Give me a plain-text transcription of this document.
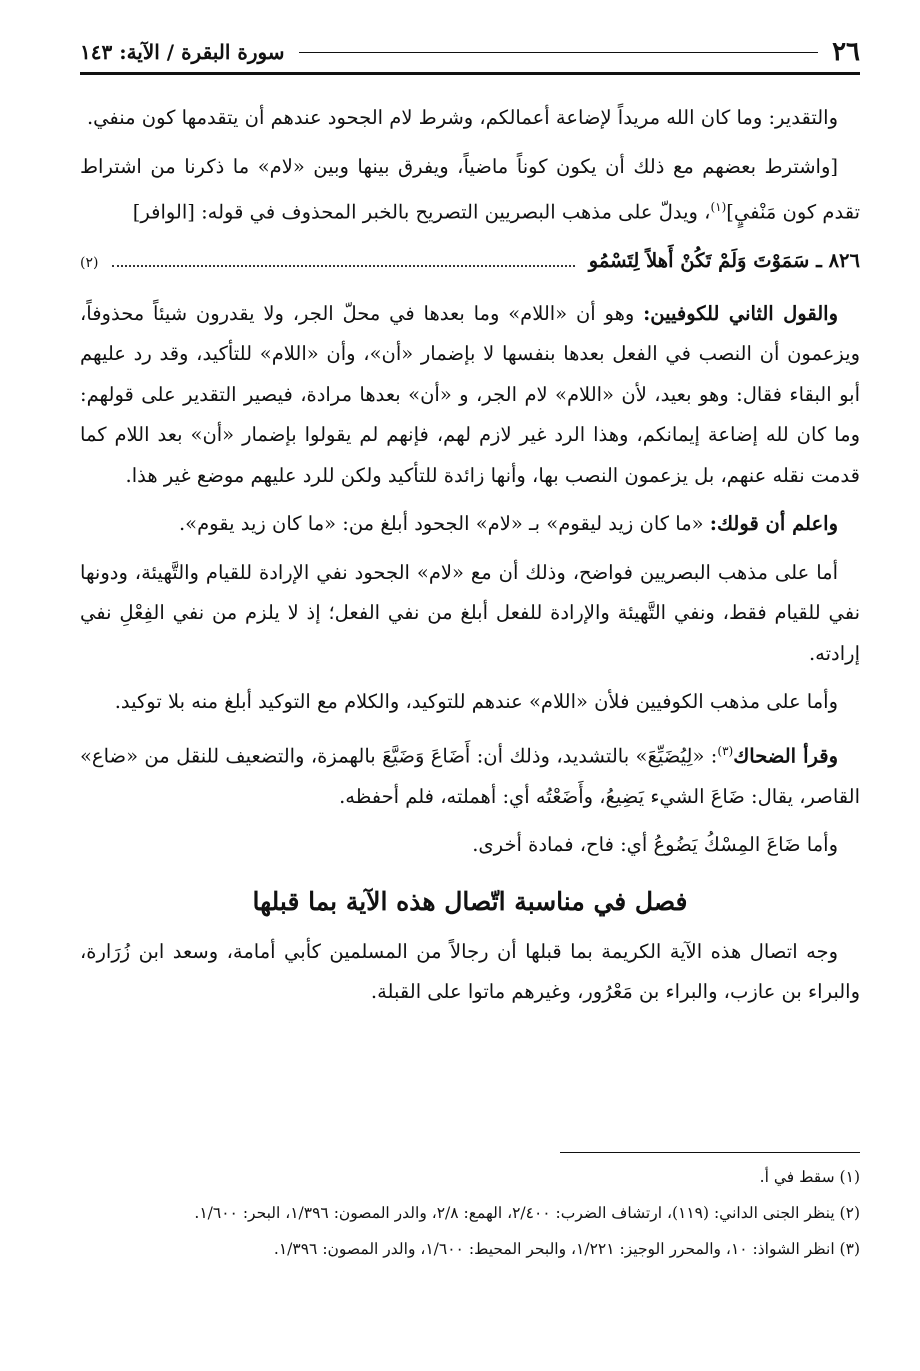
٢٦
سورة البقرة / الآية: ١٤٣

والتقدير: وما كان الله مريداً لإضاعة أعمالكم، وشرط لام الجحود عندهم أن يتقدمها كون منفي.

[واشترط بعضهم مع ذلك أن يكون كوناً ماضياً، ويفرق بينها وبين «لام» ما ذكرنا من اشتراط تقدم كون مَنْفيٍ]$^{(١)}$، ويدلّ على مذهب البصريين التصريح بالخبر المحذوف في قوله: [الوافر]

٨٢٦ ـ سَمَوْتَ وَلَمْ تَكُنْ أَهلاً لِتَسْمُو
(٢)

والقول الثاني للكوفيين: وهو أن «اللام» وما بعدها في محلّ الجر، ولا يقدرون شيئاً محذوفاً، ويزعمون أن النصب في الفعل بعدها بنفسها لا بإضمار «أن»، وأن «اللام» للتأكيد، وقد رد عليهم أبو البقاء فقال: وهو بعيد، لأن «اللام» لام الجر، و «أن» بعدها مرادة، فيصير التقدير على قولهم: وما كان لله إضاعة إيمانكم، وهذا الرد غير لازم لهم، فإنهم لم يقولوا بإضمار «أن» بعد اللام كما قدمت نقله عنهم، بل يزعمون النصب بها، وأنها زائدة للتأكيد ولكن للرد عليهم موضع غير هذا.

واعلم أن قولك: «ما كان زيد ليقوم» بـ «لام» الجحود أبلغ من: «ما كان زيد يقوم».

أما على مذهب البصريين فواضح، وذلك أن مع «لام» الجحود نفي الإرادة للقيام والتَّهيئة، ودونها نفي للقيام فقط، ونفي التَّهيئة والإرادة للفعل أبلغ من نفي الفعل؛ إذ لا يلزم من نفي الفِعْلِ نفي إرادته.

وأما على مذهب الكوفيين فلأن «اللام» عندهم للتوكيد، والكلام مع التوكيد أبلغ منه بلا توكيد.

وقرأ الضحاك$^{(٣)}$: «لِيُضَيِّعَ» بالتشديد، وذلك أن: أَضَاعَ وَضَيَّعَ بالهمزة، والتضعيف للنقل من «ضاع» القاصر، يقال: ضَاعَ الشيء يَضِيعُ، وأَضَعْتُه أي: أهملته، فلم أحفظه.

وأما ضَاعَ المِسْكُ يَضُوعُ أي: فاح، فمادة أخرى.

فصل في مناسبة اتّصال هذه الآية بما قبلها

وجه اتصال هذه الآية الكريمة بما قبلها أن رجالاً من المسلمين كأبي أمامة، وسعد ابن زُرَارة، والبراء بن عازب، والبراء بن مَعْرُور، وغيرهم ماتوا على القبلة.

(١) سقط في أ.

(٢) ينظر الجنى الداني: (١١٩)، ارتشاف الضرب: ٢/٤٠٠، الهمع: ٢/٨، والدر المصون: ١/٣٩٦، البحر: ١/٦٠٠.

(٣) انظر الشواذ: ١٠، والمحرر الوجيز: ١/٢٢١، والبحر المحيط: ١/٦٠٠، والدر المصون: ١/٣٩٦.
